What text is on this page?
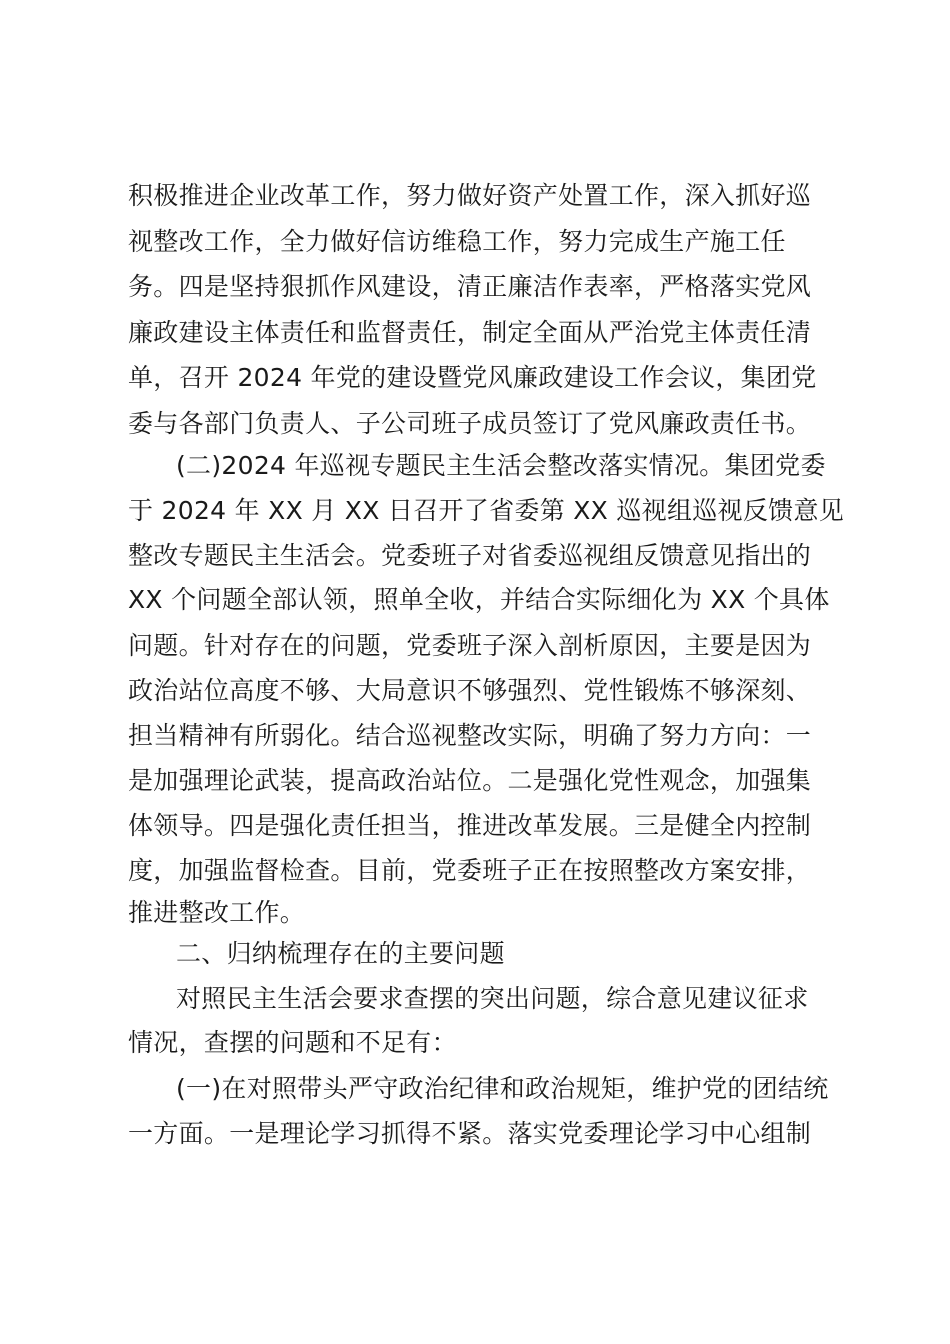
积极推进企业改革工作，努力做好资产处置工作，深入抓好巡
视整改工作，全力做好信访维稳工作，努力完成生产施工任
务。四是坚持狠抓作风建设，清正廉洁作表率，严格落实党风
廉政建设主体责任和监督责任，制定全面从严治党主体责任清
单，召开 2024 年党的建设暨党风廉政建设工作会议，集团党
委与各部门负责人、子公司班子成员签订了党风廉政责任书。
(二)2024 年巡视专题民主生活会整改落实情况。集团党委
于 2024 年 XX 月 XX 日召开了省委第 XX 巡视组巡视反馈意见
整改专题民主生活会。党委班子对省委巡视组反馈意见指出的
XX 个问题全部认领，照单全收，并结合实际细化为 XX 个具体
问题。针对存在的问题，党委班子深入剖析原因，主要是因为
政治站位高度不够、大局意识不够强烈、党性锻炼不够深刻、
担当精神有所弱化。结合巡视整改实际，明确了努力方向：一
是加强理论武装，提高政治站位。二是强化党性观念，加强集
体领导。四是强化责任担当，推进改革发展。三是健全内控制
度，加强监督检查。目前，党委班子正在按照整改方案安排，
推进整改工作。
二、归纳梳理存在的主要问题
对照民主生活会要求查摆的突出问题，综合意见建议征求
情况，查摆的问题和不足有：
(一)在对照带头严守政治纪律和政治规矩，维护党的团结统
一方面。一是理论学习抓得不紧。落实党委理论学习中心组制
